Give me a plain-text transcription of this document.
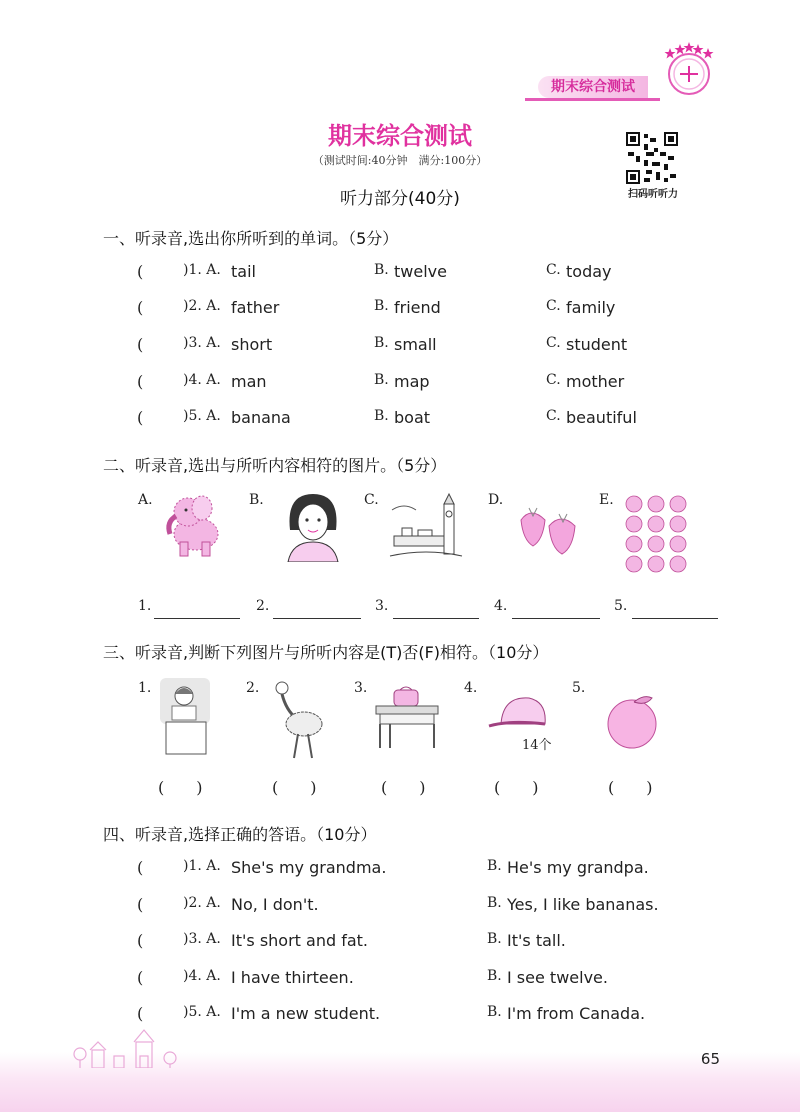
期末综合测试
期末综合测试
（测试时间:40分钟　满分:100分）
听力部分(40分)	扫码听听力
一、听录音,选出你所听到的单词。（5分）
(	)1. A. tail	B. twelve	C. today
(	)2. A. father	B. friend	C. family
(	)3. A. short	B. small	C. student
(	)4. A. man	B. map	C. mother
(	)5. A. banana	B. boat	C. beautiful
二、听录音,选出与所听内容相符的图片。（5分）
A.	B.	C.	D.	E.
1.	2.	3.	4.	5.
三、听录音,判断下列图片与所听内容是(T)否(F)相符。（10分）
1.	2.	3.	4.
14个
5.
( )	( )	( )	( )	( )
四、听录音,选择正确的答语。（10分）
(	)1. A. She's my grandma.	B. He's my grandpa.
(	)2. A. No, I don't.	B. Yes, I like bananas.
(	)3. A. It's short and fat.	B. It's tall.
(	)4. A. I have thirteen.	B. I see twelve.
(	)5. A. I'm a new student.	B. I'm from Canada.
65
